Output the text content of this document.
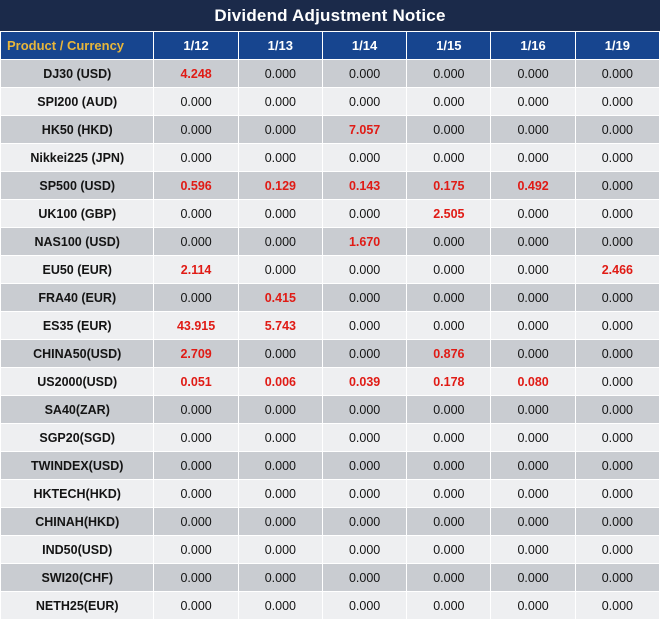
Dividend Adjustment Notice
Product / Currency	1/12	1/13	1/14	1/15	1/16	1/19
DJ30 (USD)	4.248	0.000	0.000	0.000	0.000	0.000
SPI200 (AUD)	0.000	0.000	0.000	0.000	0.000	0.000
HK50 (HKD)	0.000	0.000	7.057	0.000	0.000	0.000
Nikkei225 (JPN)	0.000	0.000	0.000	0.000	0.000	0.000
SP500 (USD)	0.596	0.129	0.143	0.175	0.492	0.000
UK100 (GBP)	0.000	0.000	0.000	2.505	0.000	0.000
NAS100 (USD)	0.000	0.000	1.670	0.000	0.000	0.000
EU50 (EUR)	2.114	0.000	0.000	0.000	0.000	2.466
FRA40 (EUR)	0.000	0.415	0.000	0.000	0.000	0.000
ES35 (EUR)	43.915	5.743	0.000	0.000	0.000	0.000
CHINA50(USD)	2.709	0.000	0.000	0.876	0.000	0.000
US2000(USD)	0.051	0.006	0.039	0.178	0.080	0.000
SA40(ZAR)	0.000	0.000	0.000	0.000	0.000	0.000
SGP20(SGD)	0.000	0.000	0.000	0.000	0.000	0.000
TWINDEX(USD)	0.000	0.000	0.000	0.000	0.000	0.000
HKTECH(HKD)	0.000	0.000	0.000	0.000	0.000	0.000
CHINAH(HKD)	0.000	0.000	0.000	0.000	0.000	0.000
IND50(USD)	0.000	0.000	0.000	0.000	0.000	0.000
SWI20(CHF)	0.000	0.000	0.000	0.000	0.000	0.000
NETH25(EUR)	0.000	0.000	0.000	0.000	0.000	0.000
